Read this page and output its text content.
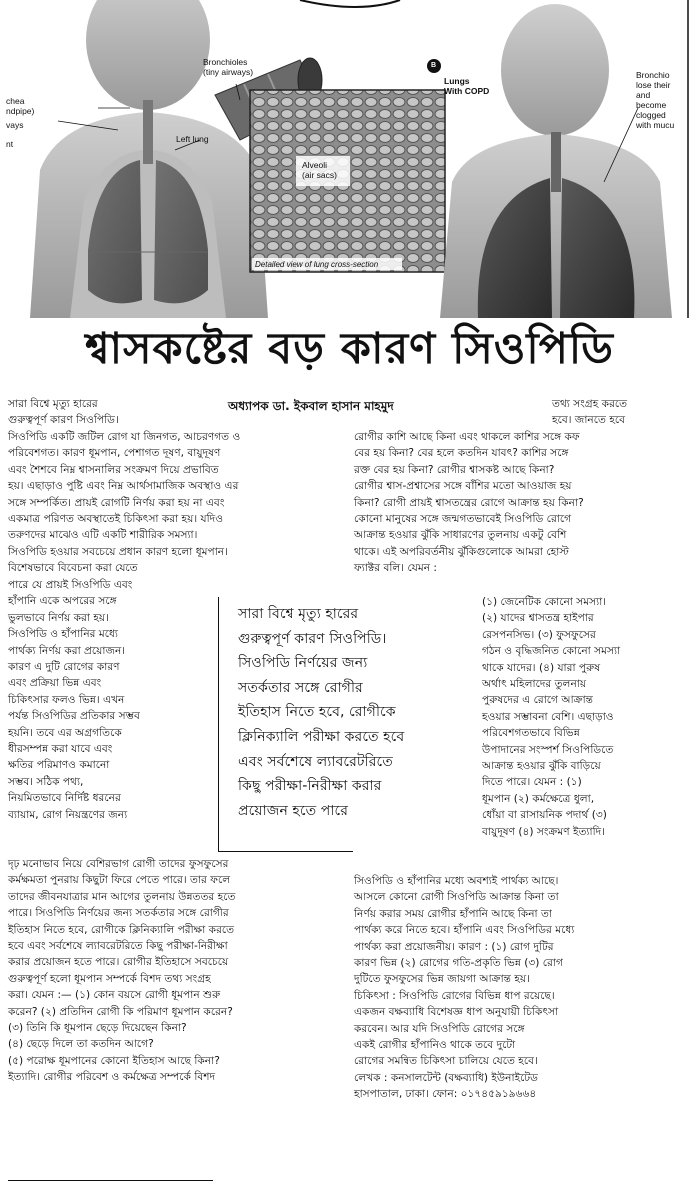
Bronchioles
(tiny airways)
Left lung
chea
ndpipe)
vays
nt
Alveoli
(air sacs)
Detailed view of lung cross-section
B
Lungs
With COPD
Bronchio
lose their
and
become
clogged
with mucu
শ্বাসকষ্টের বড় কারণ সিওপিডি
অধ্যাপক ডা. ইকবাল হাসান মাহমুদ

সারা বিশ্বে মৃত্যু হারের
গুরুত্বপূর্ণ কারণ সিওপিডি।

তথ্য সংগ্রহ করতে
হবে। জানতে হবে

সিওপিডি একটি জটিল রোগ যা জিনগত, আচরণগত ও
পরিবেশগত। কারণ ধূমপান, পেশাগত দূষণ, বায়ুদূষণ
এবং শৈশবে নিম্ন শ্বাসনালির সংক্রমণ দিয়ে প্রভাবিত
হয়। এছাড়াও পুষ্টি এবং নিম্ন আর্থসামাজিক অবস্থাও এর
সঙ্গে সম্পর্কিত। প্রায়ই রোগটি নির্ণয় করা হয় না এবং
একমাত্র পরিণত অবস্থাতেই চিকিৎসা করা হয়। যদিও
তরুণদের মাঝেও এটি একটি শারীরিক সমস্যা।
সিওপিডি হওয়ার সবচেয়ে প্রধান কারণ হলো ধূমপান।
বিশেষভাবে বিবেচনা করা যেতে

রোগীর কাশি আছে কিনা এবং থাকলে কাশির সঙ্গে কফ
বের হয় কিনা? বের হলে কতদিন যাবৎ? কাশির সঙ্গে
রক্ত বের হয় কিনা? রোগীর শ্বাসকষ্ট আছে কিনা?
রোগীর শ্বাস-প্রশ্বাসের সঙ্গে বাঁশির মতো আওয়াজ হয়
কিনা? রোগী প্রায়ই শ্বাসতন্ত্রের রোগে আক্রান্ত হয় কিনা?
কোনো মানুষের সঙ্গে জন্মগতভাবেই সিওপিডি রোগে
আক্রান্ত হওয়ার ঝুঁকি সাধারণের তুলনায় একটু বেশি
থাকে। এই অপরিবর্তনীয় ঝুঁকিগুলোকে আমরা হোস্ট
ফ্যাক্টর বলি। যেমন :

পারে যে প্রায়ই সিওপিডি এবং
হাঁপানি একে অপরের সঙ্গে
ভুলভাবে নির্ণয় করা হয়।
সিওপিডি ও হাঁপানির মধ্যে
পার্থক্য নির্ণয় করা প্রয়োজন।
কারণ এ দুটি রোগের কারণ
এবং প্রক্রিয়া ভিন্ন এবং
চিকিৎসার ফলও ভিন্ন। এখন
পর্যন্ত সিওপিডির প্রতিকার সম্ভব
হয়নি। তবে এর অগ্রগতিকে
ধীরসম্পন্ন করা যাবে এবং
ক্ষতির পরিমাণও কমানো
সম্ভব। সঠিক পথ্য,
নিয়মিতভাবে নির্দিষ্ট ধরনের
ব্যায়াম, রোগ নিয়ন্ত্রণের জন্য

(১) জেনেটিক কোনো সমস্যা।
(২) যাদের শ্বাসতন্ত্র হাইপার
রেসপনসিভ। (৩) ফুসফুসের
গঠন ও বৃদ্ধিজনিত কোনো সমস্যা
থাকে যাদের। (৪) যারা পুরুষ
অর্থাৎ মহিলাদের তুলনায়
পুরুষদের এ রোগে আক্রান্ত
হওয়ার সম্ভাবনা বেশি। এছাড়াও
পরিবেশগতভাবে বিভিন্ন
উপাদানের সংস্পর্শ সিওপিডিতে
আক্রান্ত হওয়ার ঝুঁকি বাড়িয়ে
দিতে পারে। যেমন : (১)
ধূমপান (২) কর্মক্ষেত্রে ধুলা,
ধোঁয়া বা রাসায়নিক পদার্থ (৩)
বায়ুদূষণ (৪) সংক্রমণ ইত্যাদি।

দৃঢ় মনোভাব নিয়ে বেশিরভাগ রোগী তাদের ফুসফুসের
কর্মক্ষমতা পুনরায় কিছুটা ফিরে পেতে পারে। তার ফলে
তাদের জীবনযাত্রার মান আগের তুলনায় উন্নততর হতে
পারে। সিওপিডি নির্ণয়ের জন্য সতর্কতার সঙ্গে রোগীর
ইতিহাস নিতে হবে, রোগীকে ক্লিনিক্যালি পরীক্ষা করতে
হবে এবং সর্বশেষে ল্যাবরেটরিতে কিছু পরীক্ষা-নিরীক্ষা
করার প্রয়োজন হতে পারে। রোগীর ইতিহাসে সবচেয়ে
গুরুত্বপূর্ণ হলো ধূমপান সম্পর্কে বিশদ তথ্য সংগ্রহ
করা। যেমন :— (১) কোন বয়সে রোগী ধূমপান শুরু
করেন? (২) প্রতিদিন রোগী কি পরিমাণ ধূমপান করেন?
(৩) তিনি কি ধূমপান ছেড়ে দিয়েছেন কিনা?
(৪) ছেড়ে দিলে তা কতদিন আগে?
(৫) পরোক্ষ ধূমপানের কোনো ইতিহাস আছে কিনা?
ইত্যাদি। রোগীর পরিবেশ ও কর্মক্ষেত্র সম্পর্কে বিশদ

সিওপিডি ও হাঁপানির মধ্যে অবশ্যই পার্থক্য আছে।
আসলে কোনো রোগী সিওপিডি আক্রান্ত কিনা তা
নির্ণয় করার সময় রোগীর হাঁপানি আছে কিনা তা
পার্থক্য করে নিতে হবে। হাঁপানি এবং সিওপিডির মধ্যে
পার্থক্য করা প্রয়োজনীয়। কারণ : (১) রোগ দুটির
কারণ ভিন্ন (২) রোগের গতি-প্রকৃতি ভিন্ন (৩) রোগ
দুটিতে ফুসফুসের ভিন্ন জায়গা আক্রান্ত হয়।
চিকিৎসা : সিওপিডি রোগের বিভিন্ন ধাপ রয়েছে।
একজন বক্ষব্যাধি বিশেষজ্ঞ ধাপ অনুযায়ী চিকিৎসা
করবেন। আর যদি সিওপিডি রোগের সঙ্গে
একই রোগীর হাঁপানিও থাকে তবে দুটো
রোগের সমন্বিত চিকিৎসা চালিয়ে যেতে হবে।
লেখক : কনসালটেন্ট (বক্ষব্যাধি) ইউনাইটেড
হাসপাতাল, ঢাকা। ফোন: ০১৭৪৫৯১৯৬৬৪

সারা বিশ্বে মৃত্যু হারের
গুরুত্বপূর্ণ কারণ সিওপিডি।
সিওপিডি নির্ণয়ের জন্য
সতর্কতার সঙ্গে রোগীর
ইতিহাস নিতে হবে, রোগীকে
ক্লিনিক্যালি পরীক্ষা করতে হবে
এবং সর্বশেষে ল্যাবরেটরিতে
কিছু পরীক্ষা-নিরীক্ষা করার
প্রয়োজন হতে পারে
